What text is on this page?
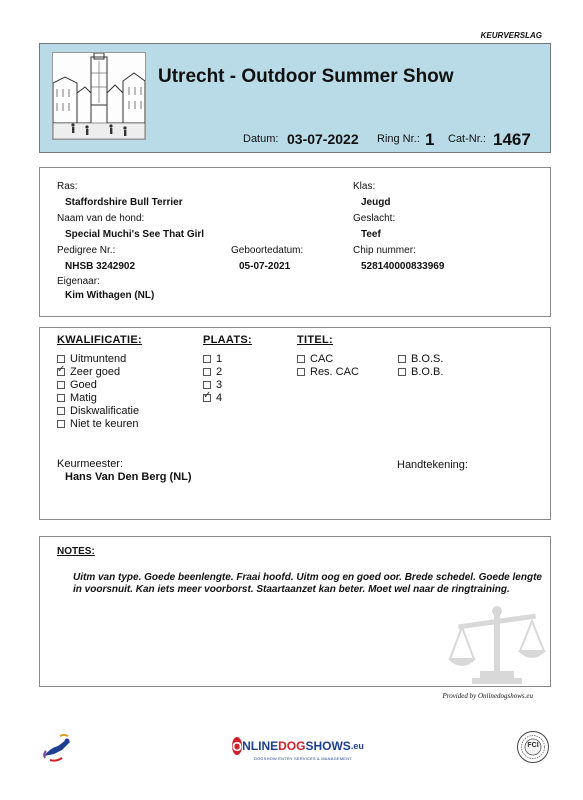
KEURVERSLAG
Utrecht - Outdoor Summer Show
Datum: 03-07-2022 Ring Nr.: 1 Cat-Nr.: 1467
Ras:
Staffordshire Bull Terrier
Naam van de hond:
Special Muchi's See That Girl
Pedigree Nr.:
NHSB 3242902
Eigenaar:
Kim Withagen (NL)
Geboortedatum:
05-07-2021
Klas:
Jeugd
Geslacht:
Teef
Chip nummer:
528140000833969
KWALIFICATIE:	PLAATS:	TITEL:
Uitmuntend
✓
Zeer goed
Goed
Matig
Diskwalificatie
Niet te keuren
1
2
3
✓
4
CAC
Res. CAC
B.O.S.
B.O.B.
Keurmeester:
Hans Van Den Berg (NL)
Handtekening:
NOTES:
Uitm van type. Goede beenlengte. Fraai hoofd. Uitm oog en goed oor. Brede schedel. Goede lengte in voorsnuit. Kan iets meer voorborst. Staartaanzet kan beter. Moet wel naar de ringtraining.
Provided by Onlinedogshows.eu
O NLINE DOG SHOWS .eu
DOGSHOW ENTRY SERVICES & MANAGEMENT
FCI
